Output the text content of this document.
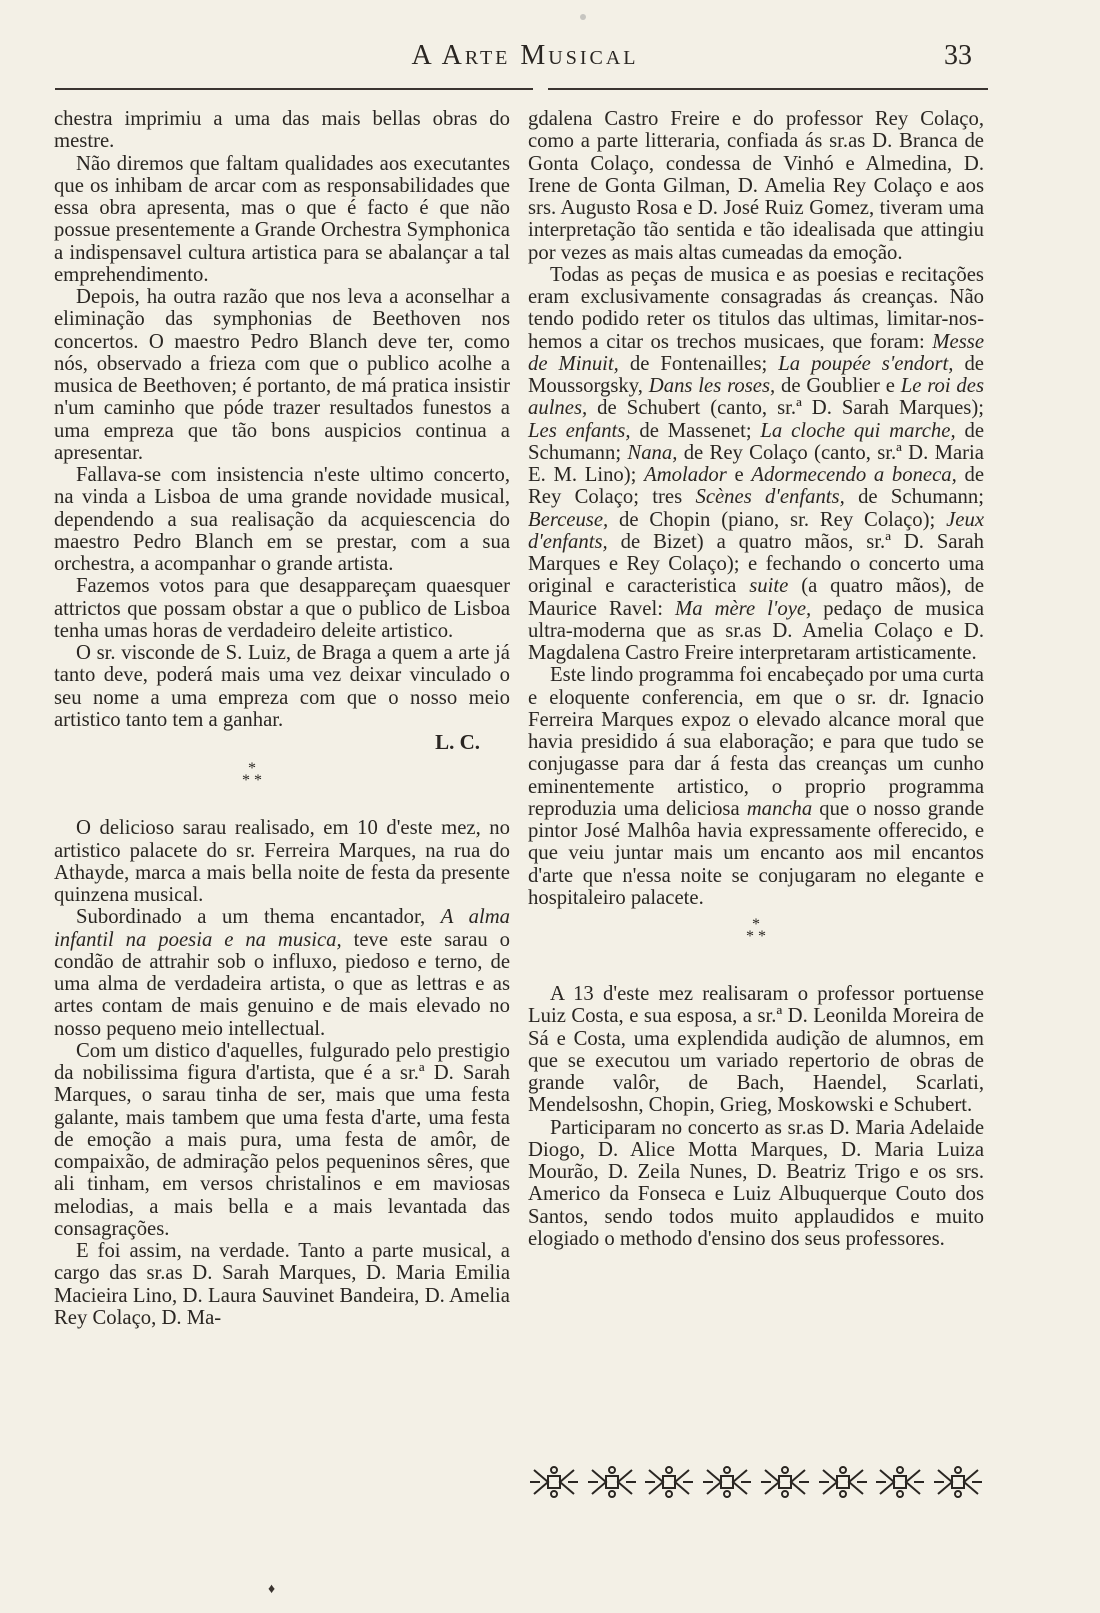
A Arte Musical	33

chestra imprimiu a uma das mais bellas obras do mestre.

Não diremos que faltam qualidades aos executantes que os inhibam de arcar com as responsabilidades que essa obra apresenta, mas o que é facto é que não possue presentemente a Grande Orchestra Symphonica a indispensavel cultura artistica para se abalançar a tal emprehendimento.

Depois, ha outra razão que nos leva a aconselhar a eliminação das symphonias de Beethoven nos concertos. O maestro Pedro Blanch deve ter, como nós, observado a frieza com que o publico acolhe a musica de Beethoven; é portanto, de má pratica insistir n'um caminho que póde trazer resultados funestos a uma empreza que tão bons auspicios continua a apresentar.

Fallava-se com insistencia n'este ultimo concerto, na vinda a Lisboa de uma grande novidade musical, dependendo a sua realisação da acquiescencia do maestro Pedro Blanch em se prestar, com a sua orchestra, a acompanhar o grande artista.

Fazemos votos para que desappareçam quaesquer attrictos que possam obstar a que o publico de Lisboa tenha umas horas de verdadeiro deleite artistico.

O sr. visconde de S. Luiz, de Braga a quem a arte já tanto deve, poderá mais uma vez deixar vinculado o seu nome a uma empreza com que o nosso meio artistico tanto tem a ganhar.

L. C.

*
* *

O delicioso sarau realisado, em 10 d'este mez, no artistico palacete do sr. Ferreira Marques, na rua do Athayde, marca a mais bella noite de festa da presente quinzena musical.

Subordinado a um thema encantador, A alma infantil na poesia e na musica, teve este sarau o condão de attrahir sob o influxo, piedoso e terno, de uma alma de verdadeira artista, o que as lettras e as artes contam de mais genuino e de mais elevado no nosso pequeno meio intellectual.

Com um distico d'aquelles, fulgurado pelo prestigio da nobilissima figura d'artista, que é a sr.ª D. Sarah Marques, o sarau tinha de ser, mais que uma festa galante, mais tambem que uma festa d'arte, uma festa de emoção a mais pura, uma festa de amôr, de compaixão, de admiração pelos pequeninos sêres, que ali tinham, em versos christalinos e em maviosas melodias, a mais bella e a mais levantada das consagrações.

E foi assim, na verdade. Tanto a parte musical, a cargo das sr.as D. Sarah Marques, D. Maria Emilia Macieira Lino, D. Laura Sauvinet Bandeira, D. Amelia Rey Colaço, D. Ma-

gdalena Castro Freire e do professor Rey Colaço, como a parte litteraria, confiada ás sr.as D. Branca de Gonta Colaço, condessa de Vinhó e Almedina, D. Irene de Gonta Gilman, D. Amelia Rey Colaço e aos srs. Augusto Rosa e D. José Ruiz Gomez, tiveram uma interpretação tão sentida e tão idealisada que attingiu por vezes as mais altas cumeadas da emoção.

Todas as peças de musica e as poesias e recitações eram exclusivamente consagradas ás creanças. Não tendo podido reter os titulos das ultimas, limitar-nos-hemos a citar os trechos musicaes, que foram: Messe de Minuit, de Fontenailles; La poupée s'endort, de Moussorgsky, Dans les roses, de Goublier e Le roi des aulnes, de Schubert (canto, sr.ª D. Sarah Marques); Les enfants, de Massenet; La cloche qui marche, de Schumann; Nana, de Rey Colaço (canto, sr.ª D. Maria E. M. Lino); Amolador e Adormecendo a boneca, de Rey Colaço; tres Scènes d'enfants, de Schumann; Berceuse, de Chopin (piano, sr. Rey Colaço); Jeux d'enfants, de Bizet) a quatro mãos, sr.ª D. Sarah Marques e Rey Colaço); e fechando o concerto uma original e caracteristica suite (a quatro mãos), de Maurice Ravel: Ma mère l'oye, pedaço de musica ultra-moderna que as sr.as D. Amelia Colaço e D. Magdalena Castro Freire interpretaram artisticamente.

Este lindo programma foi encabeçado por uma curta e eloquente conferencia, em que o sr. dr. Ignacio Ferreira Marques expoz o elevado alcance moral que havia presidido á sua elaboração; e para que tudo se conjugasse para dar á festa das creanças um cunho eminentemente artistico, o proprio programma reproduzia uma deliciosa mancha que o nosso grande pintor José Malhôa havia expressamente offerecido, e que veiu juntar mais um encanto aos mil encantos d'arte que n'essa noite se conjugaram no elegante e hospitaleiro palacete.

*
* *

A 13 d'este mez realisaram o professor portuense Luiz Costa, e sua esposa, a sr.ª D. Leonilda Moreira de Sá e Costa, uma explendida audição de alumnos, em que se executou um variado repertorio de obras de grande valôr, de Bach, Haendel, Scarlati, Mendelsoshn, Chopin, Grieg, Moskowski e Schubert.

Participaram no concerto as sr.as D. Maria Adelaide Diogo, D. Alice Motta Marques, D. Maria Luiza Mourão, D. Zeila Nunes, D. Beatriz Trigo e os srs. Americo da Fonseca e Luiz Albuquerque Couto dos Santos, sendo todos muito applaudidos e muito elogiado o methodo d'ensino dos seus professores.

♦
